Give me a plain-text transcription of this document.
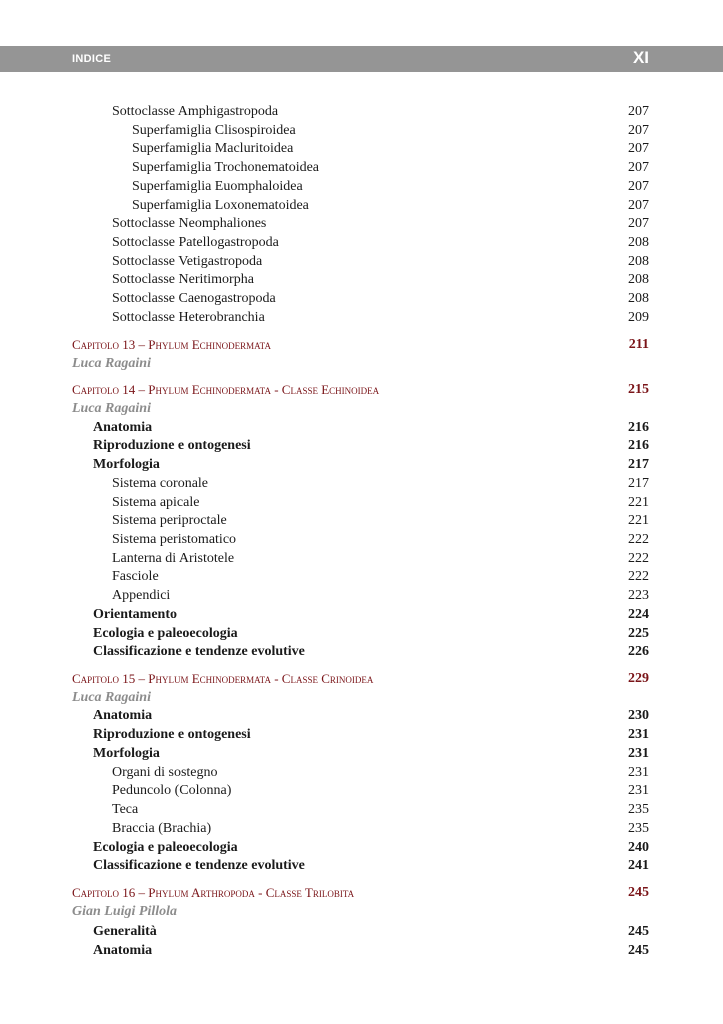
INDICE	XI
Sottoclasse Amphigastropoda	207
Superfamiglia Clisospiroidea	207
Superfamiglia Macluritoidea	207
Superfamiglia Trochonematoidea	207
Superfamiglia Euomphaloidea	207
Superfamiglia Loxonematoidea	207
Sottoclasse Neomphaliones	207
Sottoclasse Patellogastropoda	208
Sottoclasse Vetigastropoda	208
Sottoclasse Neritimorpha	208
Sottoclasse Caenogastropoda	208
Sottoclasse Heterobranchia	209
Capitolo 13 – Phylum Echinodermata	211
Luca Ragaini
Capitolo 14 – Phylum Echinodermata - Classe Echinoidea	215
Luca Ragaini
Anatomia	216
Riproduzione e ontogenesi	216
Morfologia	217
Sistema coronale	217
Sistema apicale	221
Sistema periproctale	221
Sistema peristomatico	222
Lanterna di Aristotele	222
Fasciole	222
Appendici	223
Orientamento	224
Ecologia e paleoecologia	225
Classificazione e tendenze evolutive	226
Capitolo 15 – Phylum Echinodermata - Classe Crinoidea	229
Luca Ragaini
Anatomia	230
Riproduzione e ontogenesi	231
Morfologia	231
Organi di sostegno	231
Peduncolo (Colonna)	231
Teca	235
Braccia (Brachia)	235
Ecologia e paleoecologia	240
Classificazione e tendenze evolutive	241
Capitolo 16 – Phylum Arthropoda - Classe Trilobita	245
Gian Luigi Pillola
Generalità	245
Anatomia	245
